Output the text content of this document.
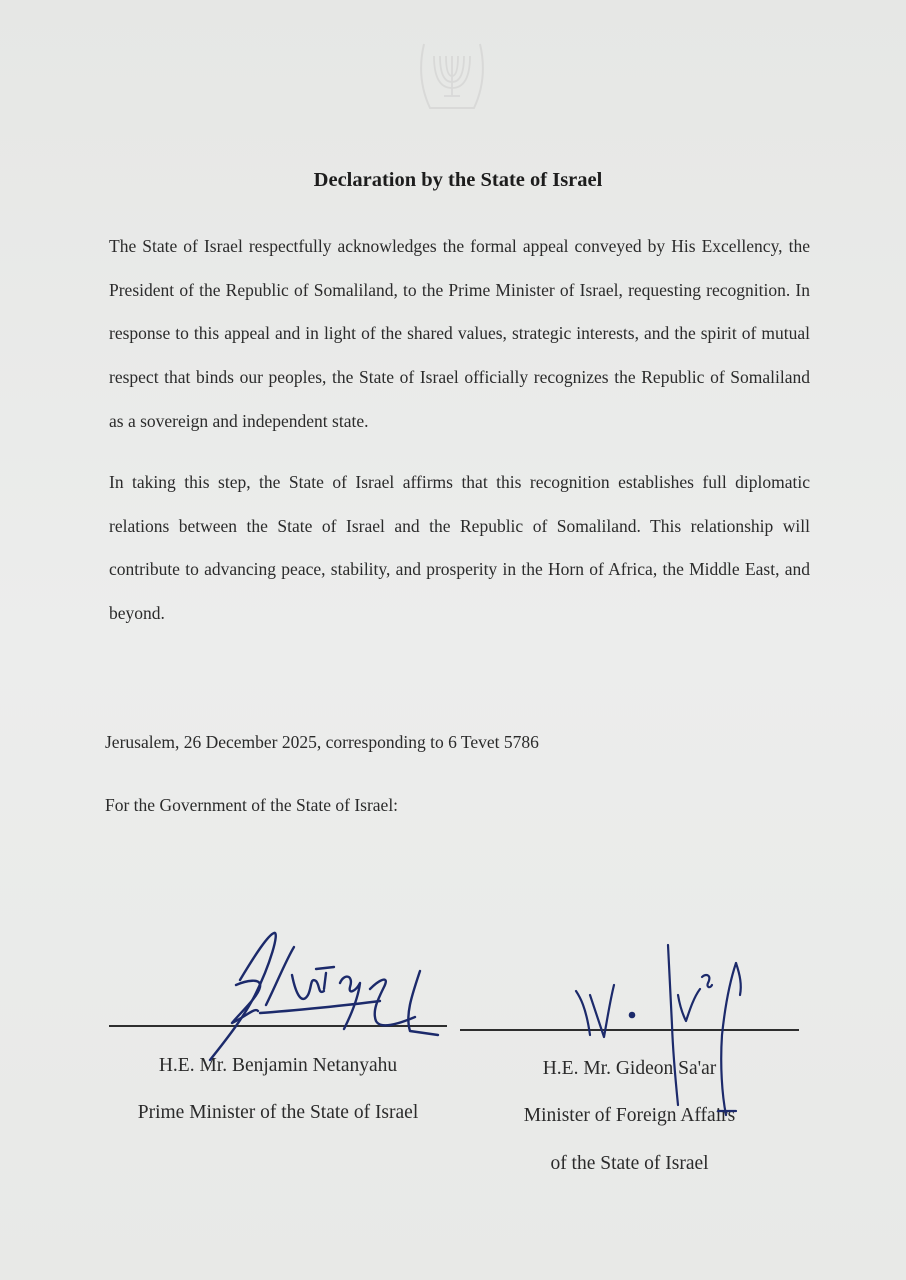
Declaration by the State of Israel

The State of Israel respectfully acknowledges the formal appeal conveyed by His Excellency, the President of the Republic of Somaliland, to the Prime Minister of Israel, requesting recognition. In response to this appeal and in light of the shared values, strategic interests, and the spirit of mutual respect that binds our peoples, the State of Israel officially recognizes the Republic of Somaliland as a sovereign and independent state.

In taking this step, the State of Israel affirms that this recognition establishes full diplomatic relations between the State of Israel and the Republic of Somaliland. This relationship will contribute to advancing peace, stability, and prosperity in the Horn of Africa, the Middle East, and beyond.

Jerusalem, 26 December 2025, corresponding to 6 Tevet 5786
For the Government of the State of Israel:
H.E. Mr. Benjamin Netanyahu
Prime Minister of the State of Israel
H.E. Mr. Gideon Sa'ar
Minister of Foreign Affairs
of the State of Israel
